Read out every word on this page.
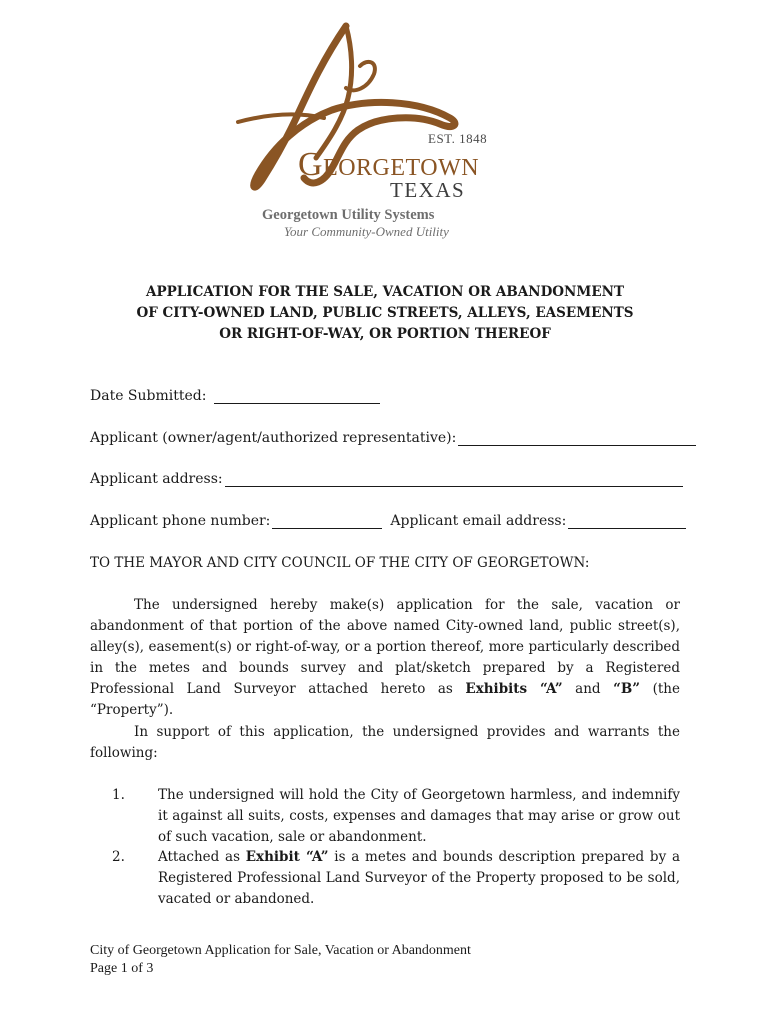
EST. 1848
Georgetown
TEXAS
Georgetown Utility Systems
Your Community-Owned Utility
APPLICATION FOR THE SALE, VACATION OR ABANDONMENT
OF CITY-OWNED LAND, PUBLIC STREETS, ALLEYS, EASEMENTS
OR RIGHT-OF-WAY, OR PORTION THEREOF
Date Submitted:
Applicant (owner/agent/authorized representative):
Applicant address:
Applicant phone number:	Applicant email address:
TO THE MAYOR AND CITY COUNCIL OF THE CITY OF GEORGETOWN:
The undersigned hereby make(s) application for the sale, vacation or abandonment of that portion of the above named City-owned land, public street(s), alley(s), easement(s) or right-of-way, or a portion thereof, more particularly described in the metes and bounds survey and plat/sketch prepared by a Registered Professional Land Surveyor attached hereto as Exhibits “A” and “B” (the “Property”).
In support of this application, the undersigned provides and warrants the following:
1. The undersigned will hold the City of Georgetown harmless, and indemnify it against all suits, costs, expenses and damages that may arise or grow out of such vacation, sale or abandonment.
2. Attached as Exhibit “A” is a metes and bounds description prepared by a Registered Professional Land Surveyor of the Property proposed to be sold, vacated or abandoned.
City of Georgetown Application for Sale, Vacation or Abandonment
Page 1 of 3
